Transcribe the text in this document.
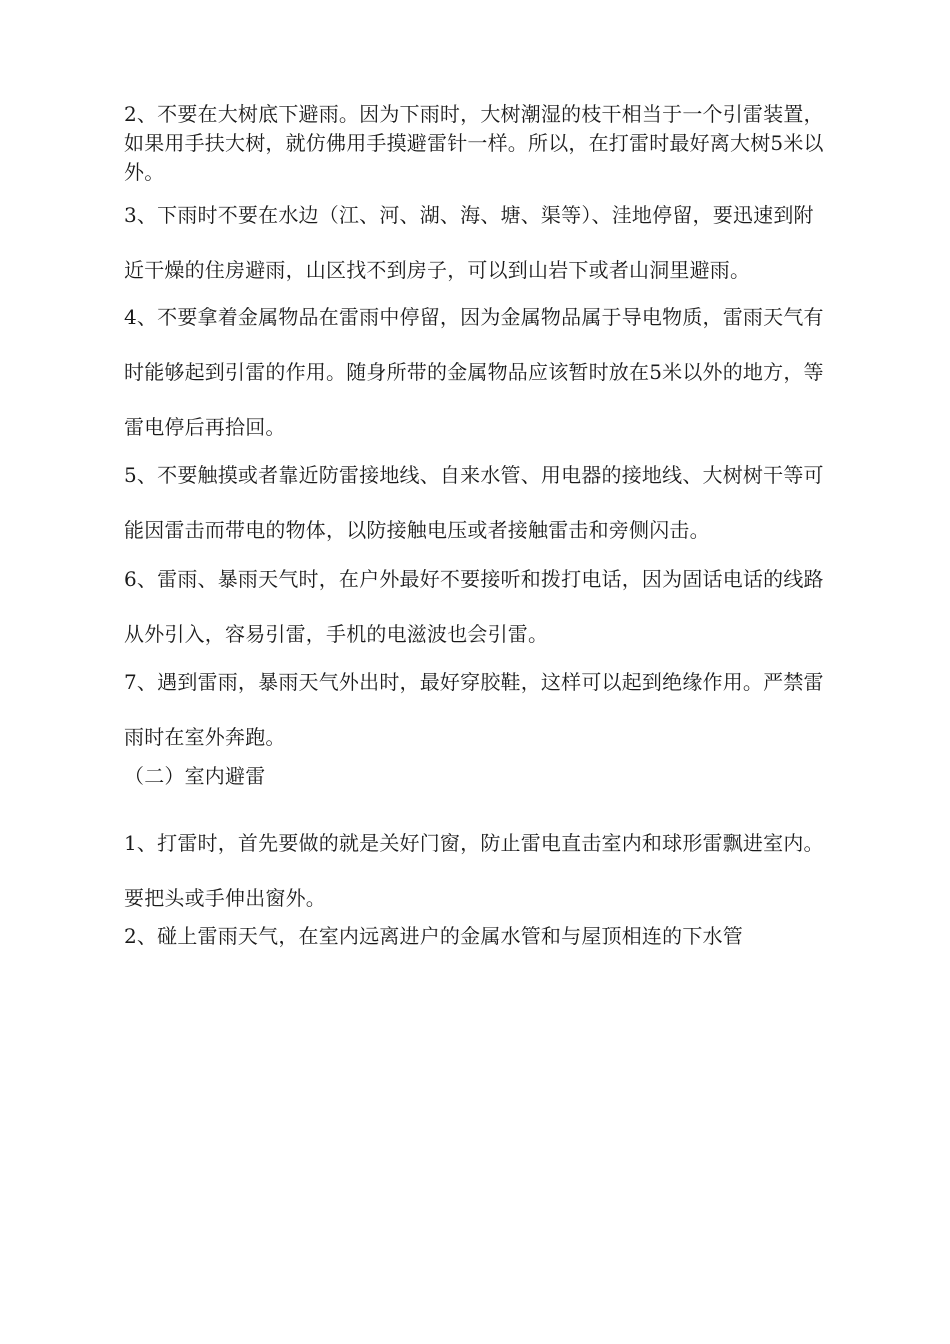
2、不要在大树底下避雨。因为下雨时，大树潮湿的枝干相当于一个引雷装置，如果用手扶大树，就仿佛用手摸避雷针一样。所以，在打雷时最好离大树5米以外。

3、下雨时不要在水边（江、河、湖、海、塘、渠等）、洼地停留，要迅速到附近干燥的住房避雨，山区找不到房子，可以到山岩下或者山洞里避雨。

4、不要拿着金属物品在雷雨中停留，因为金属物品属于导电物质，雷雨天气有时能够起到引雷的作用。随身所带的金属物品应该暂时放在5米以外的地方，等雷电停后再拾回。

5、不要触摸或者靠近防雷接地线、自来水管、用电器的接地线、大树树干等可能因雷击而带电的物体，以防接触电压或者接触雷击和旁侧闪击。

6、雷雨、暴雨天气时，在户外最好不要接听和拨打电话，因为固话电话的线路从外引入，容易引雷，手机的电滋波也会引雷。

7、遇到雷雨，暴雨天气外出时，最好穿胶鞋，这样可以起到绝缘作用。严禁雷雨时在室外奔跑。

（二）室内避雷

1、打雷时，首先要做的就是关好门窗，防止雷电直击室内和球形雷飘进室内。要把头或手伸出窗外。

2、碰上雷雨天气，在室内远离进户的金属水管和与屋顶相连的下水管
